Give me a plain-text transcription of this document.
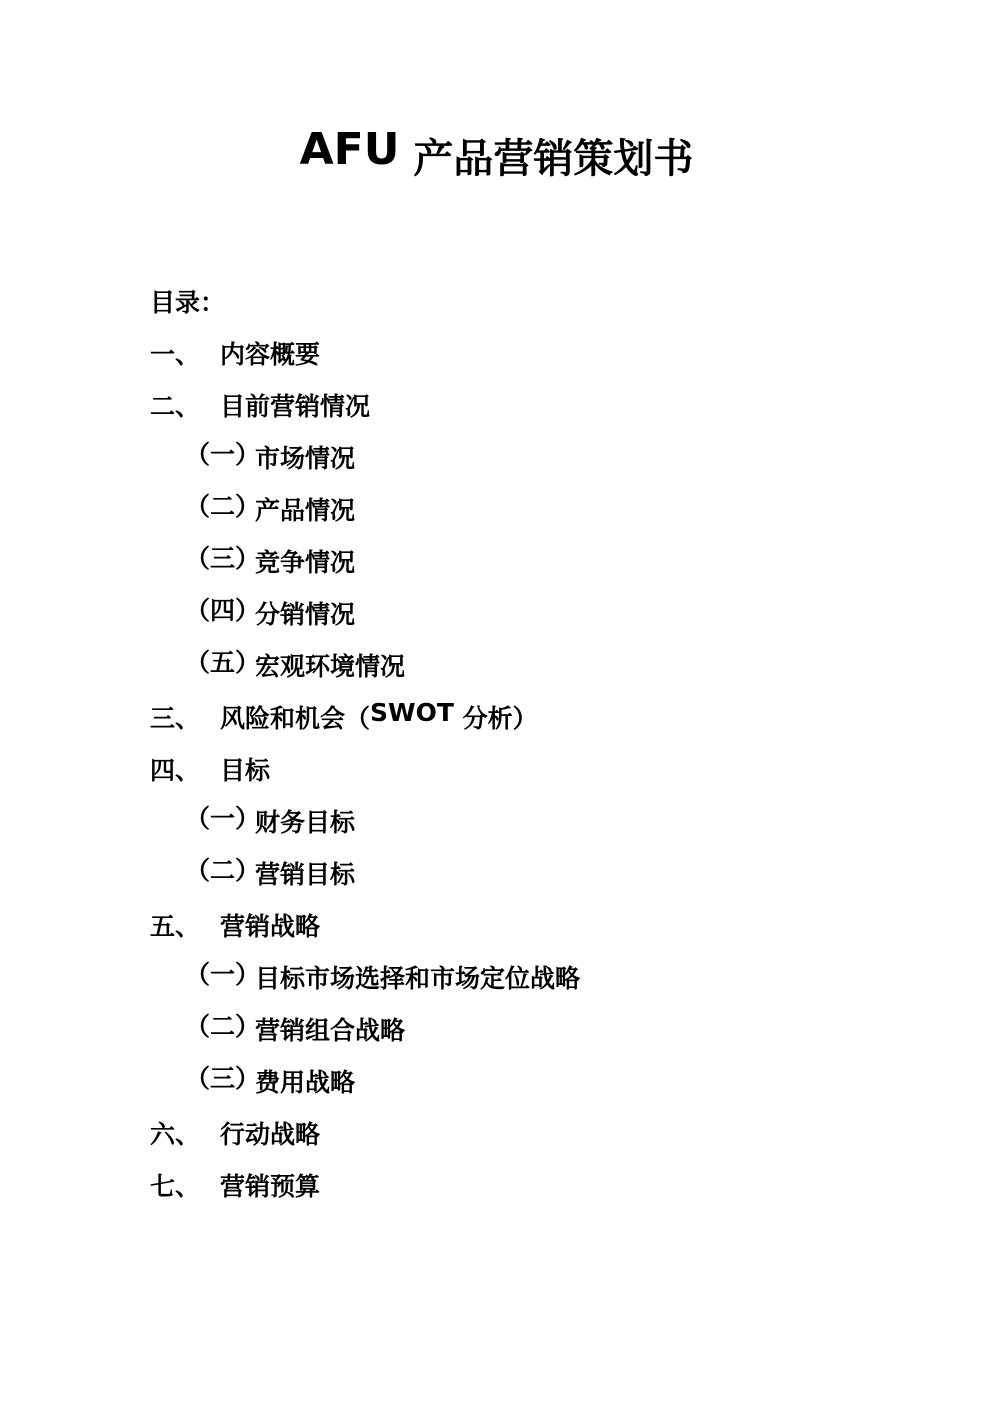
AFU 产品营销策划书
目录：
一、 内容概要
二、 目前营销情况
（一）
市场情况
（二）
产品情况
（三）
竞争情况
（四）
分销情况
（五）
宏观环境情况
三、 风险和机会（SWOT 分析）
四、 目标
（一）
财务目标
（二）
营销目标
五、 营销战略
（一）
目标市场选择和市场定位战略
（二）
营销组合战略
（三）
费用战略
六、 行动战略
七、 营销预算
